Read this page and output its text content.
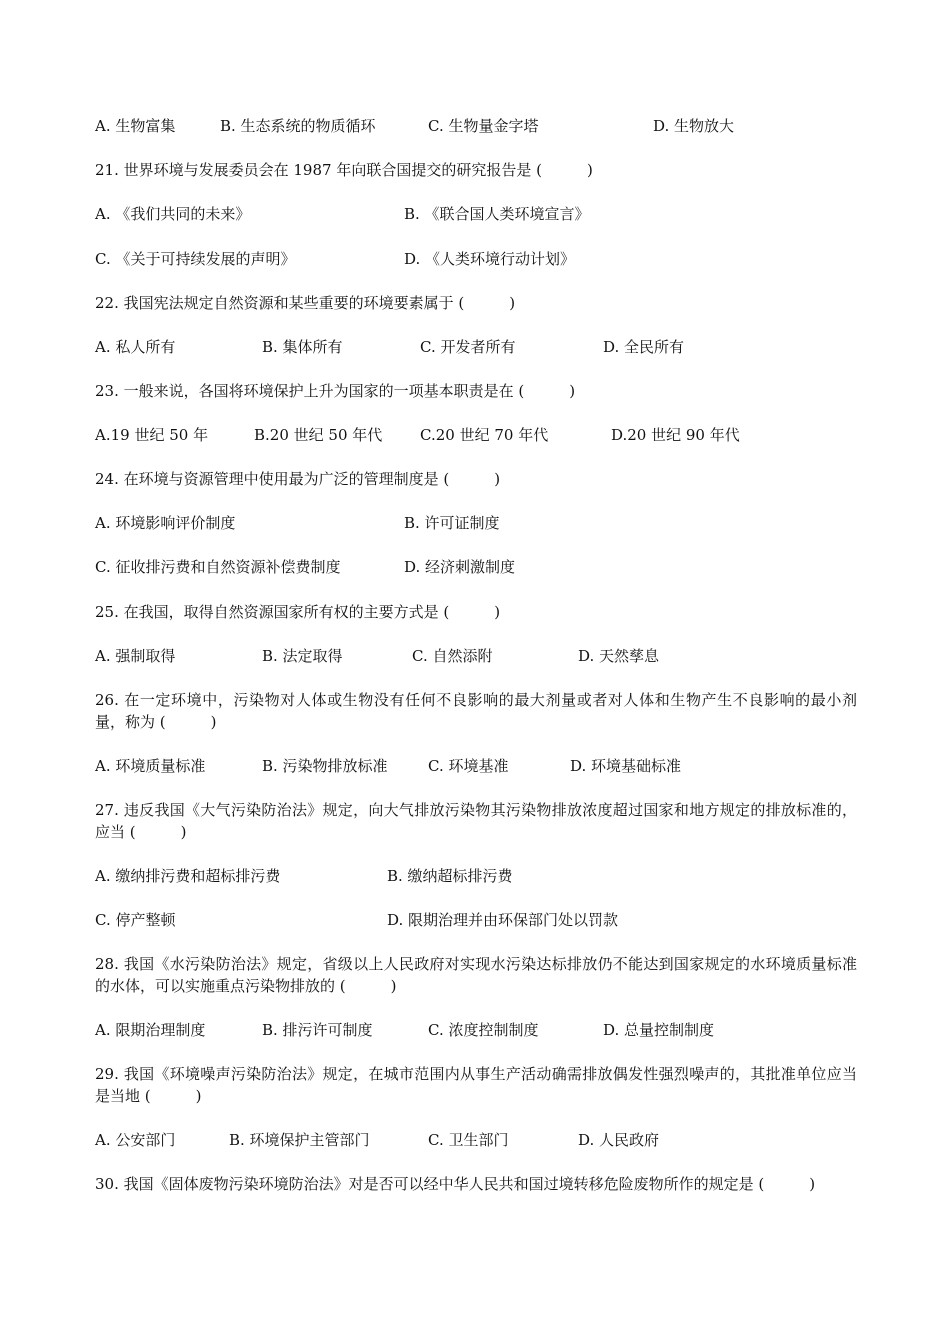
A. 生物富集	B. 生态系统的物质循环	C. 生物量金字塔	D. 生物放大
21. 世界环境与发展委员会在 1987 年向联合国提交的研究报告是 (　　　)
A. 《我们共同的未来》	B. 《联合国人类环境宣言》
C. 《关于可持续发展的声明》	D. 《人类环境行动计划》
22. 我国宪法规定自然资源和某些重要的环境要素属于 (　　　)
A. 私人所有	B. 集体所有	C. 开发者所有	D. 全民所有
23. 一般来说，各国将环境保护上升为国家的一项基本职责是在 (　　　)
A.19 世纪 50 年	B.20 世纪 50 年代	C.20 世纪 70 年代	D.20 世纪 90 年代
24. 在环境与资源管理中使用最为广泛的管理制度是 (　　　)
A. 环境影响评价制度	B. 许可证制度
C. 征收排污费和自然资源补偿费制度	D. 经济刺激制度
25. 在我国，取得自然资源国家所有权的主要方式是 (　　　)
A. 强制取得	B. 法定取得	C. 自然添附	D. 天然孳息
26. 在一定环境中，污染物对人体或生物没有任何不良影响的最大剂量或者对人体和生物产生不良影响的最小剂量，称为 (　　　)
A. 环境质量标准	B. 污染物排放标准	C. 环境基准	D. 环境基础标准
27. 违反我国《大气污染防治法》规定，向大气排放污染物其污染物排放浓度超过国家和地方规定的排放标准的，应当 (　　　)
A. 缴纳排污费和超标排污费	B. 缴纳超标排污费
C. 停产整顿	D. 限期治理并由环保部门处以罚款
28. 我国《水污染防治法》规定，省级以上人民政府对实现水污染达标排放仍不能达到国家规定的水环境质量标准的水体，可以实施重点污染物排放的 (　　　)
A. 限期治理制度	B. 排污许可制度	C. 浓度控制制度	D. 总量控制制度
29. 我国《环境噪声污染防治法》规定，在城市范围内从事生产活动确需排放偶发性强烈噪声的，其批准单位应当是当地 (　　　)
A. 公安部门	B. 环境保护主管部门	C. 卫生部门	D. 人民政府
30. 我国《固体废物污染环境防治法》对是否可以经中华人民共和国过境转移危险废物所作的规定是 (　　　)
